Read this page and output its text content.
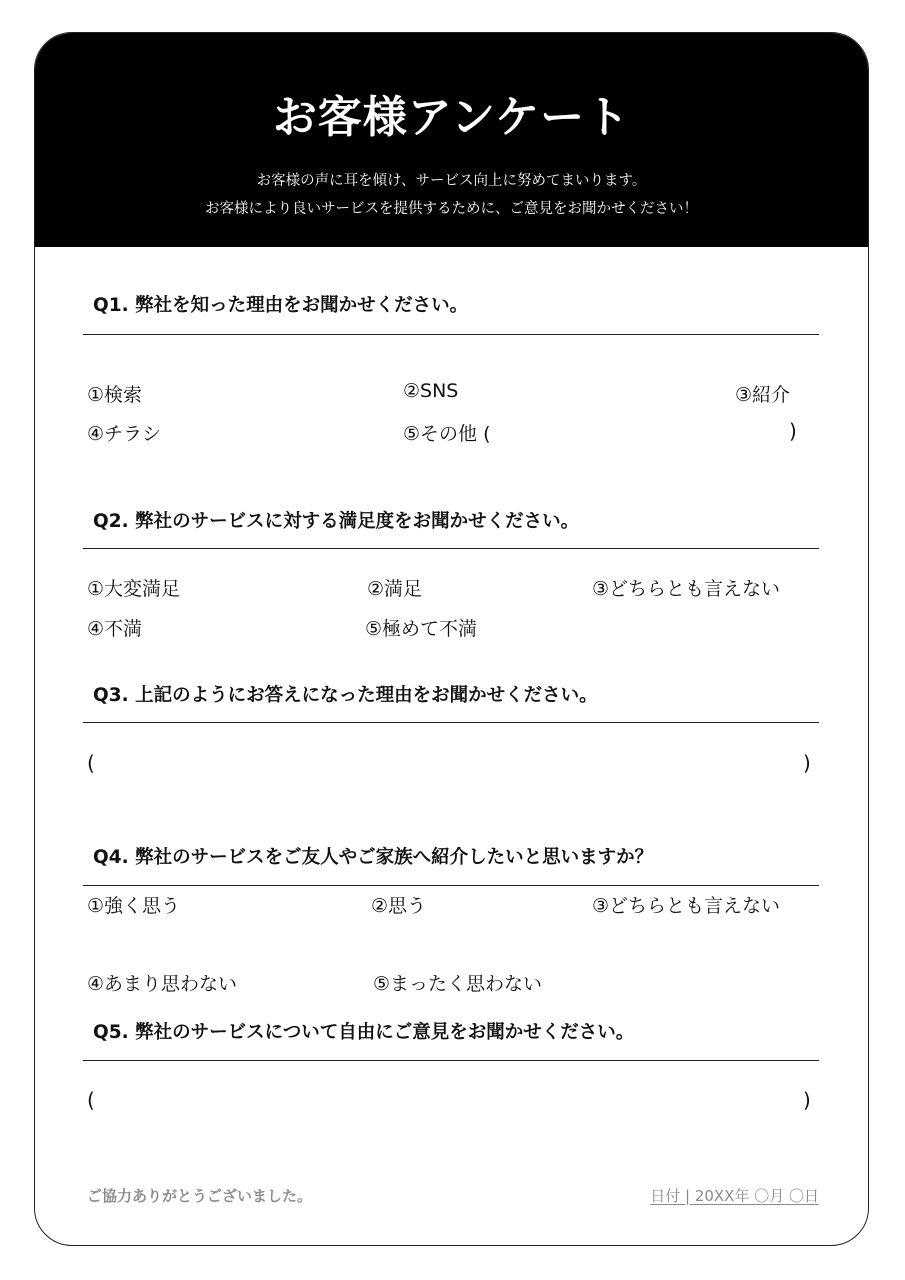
お客様アンケート
お客様の声に耳を傾け、サービス向上に努めてまいります。
お客様により良いサービスを提供するために、ご意見をお聞かせください！
Q1. 弊社を知った理由をお聞かせください。
①検索	②SNS	③紹介
④チラシ	⑤その他 (	)
Q2. 弊社のサービスに対する満足度をお聞かせください。
①大変満足	②満足	③どちらとも言えない
④不満	⑤極めて不満
Q3. 上記のようにお答えになった理由をお聞かせください。
(	)
Q4. 弊社のサービスをご友人やご家族へ紹介したいと思いますか？
①強く思う	②思う	③どちらとも言えない
④あまり思わない	⑤まったく思わない
Q5. 弊社のサービスについて自由にご意見をお聞かせください。
(	)
ご協力ありがとうございました。	日付 | 20XX年 〇月 〇日
